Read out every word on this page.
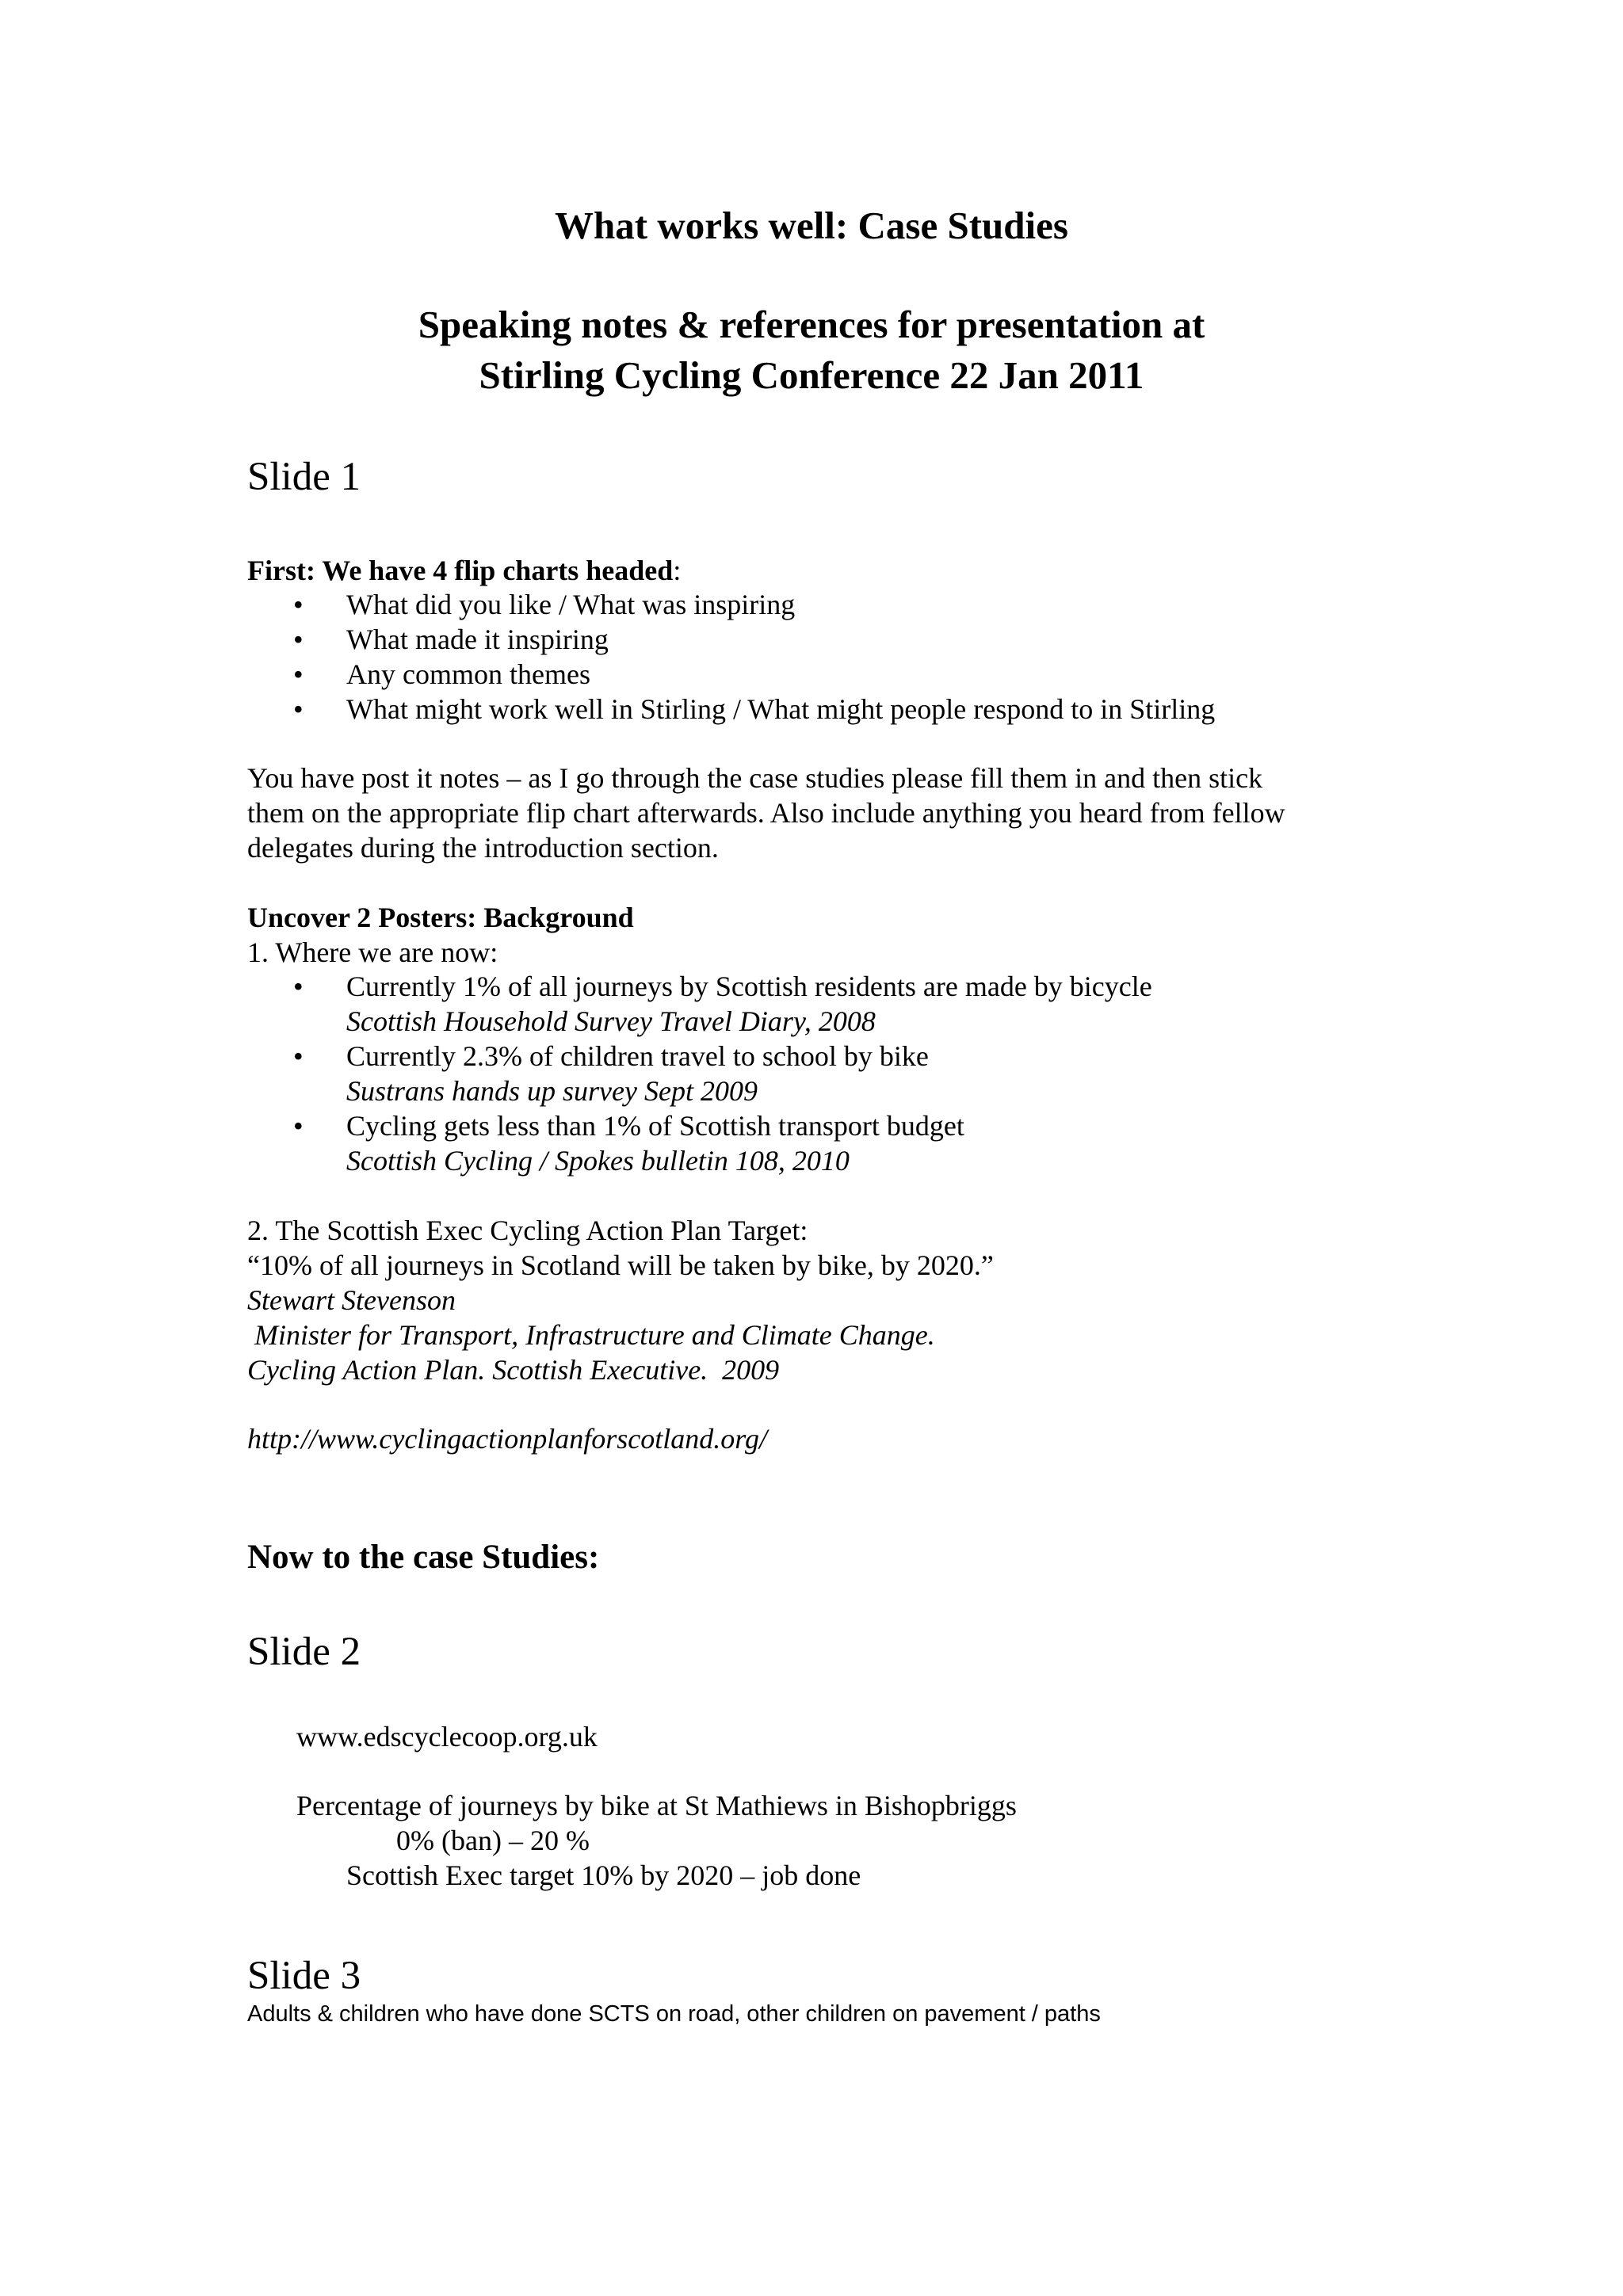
What works well: Case Studies
Speaking notes & references for presentation at
Stirling Cycling Conference 22 Jan 2011
Slide 1
First: We have 4 flip charts headed:
• What did you like / What was inspiring
• What made it inspiring
• Any common themes
• What might work well in Stirling / What might people respond to in Stirling
You have post it notes – as I go through the case studies please fill them in and then stick
them on the appropriate flip chart afterwards. Also include anything you heard from fellow
delegates during the introduction section.
Uncover 2 Posters: Background
1. Where we are now:
• Currently 1% of all journeys by Scottish residents are made by bicycle
Scottish Household Survey Travel Diary, 2008
• Currently 2.3% of children travel to school by bike
Sustrans hands up survey Sept 2009
• Cycling gets less than 1% of Scottish transport budget
Scottish Cycling / Spokes bulletin 108, 2010
2. The Scottish Exec Cycling Action Plan Target:
“10% of all journeys in Scotland will be taken by bike, by 2020.”
Stewart Stevenson
Minister for Transport, Infrastructure and Climate Change.
Cycling Action Plan. Scottish Executive.  2009
http://www.cyclingactionplanforscotland.org/
Now to the case Studies:
Slide 2
www.edscyclecoop.org.uk
Percentage of journeys by bike at St Mathiews in Bishopbriggs
0% (ban) – 20 %
Scottish Exec target 10% by 2020 – job done
Slide 3
Adults & children who have done SCTS on road, other children on pavement / paths
